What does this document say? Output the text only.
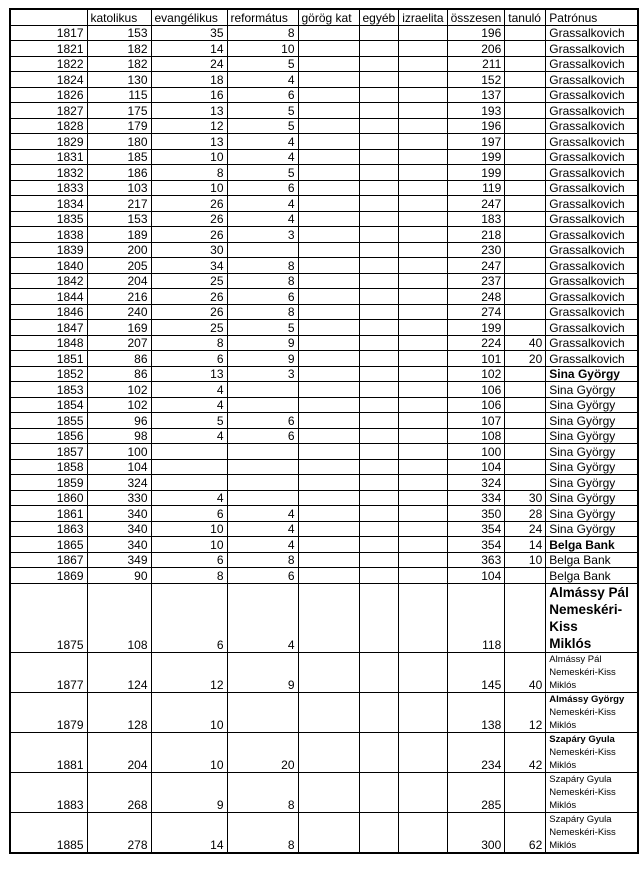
	katolikus	evangélikus	református	görög kat	egyéb	izraelita	összesen	tanuló	Patrónus
1817	153	35	8				196		Grassalkovich

1821	182	14	10				206		Grassalkovich

1822	182	24	5				211		Grassalkovich

1824	130	18	4				152		Grassalkovich

1826	115	16	6				137		Grassalkovich

1827	175	13	5				193		Grassalkovich

1828	179	12	5				196		Grassalkovich

1829	180	13	4				197		Grassalkovich

1831	185	10	4				199		Grassalkovich

1832	186	8	5				199		Grassalkovich

1833	103	10	6				119		Grassalkovich

1834	217	26	4				247		Grassalkovich

1835	153	26	4				183		Grassalkovich

1838	189	26	3				218		Grassalkovich

1839	200	30					230		Grassalkovich

1840	205	34	8				247		Grassalkovich

1842	204	25	8				237		Grassalkovich

1844	216	26	6				248		Grassalkovich

1846	240	26	8				274		Grassalkovich

1847	169	25	5				199		Grassalkovich

1848	207	8	9				224	40	Grassalkovich

1851	86	6	9				101	20	Grassalkovich

1852	86	13	3				102		Sina György

1853	102	4					106		Sina György

1854	102	4					106		Sina György

1855	96	5	6				107		Sina György

1856	98	4	6				108		Sina György

1857	100						100		Sina György

1858	104						104		Sina György

1859	324						324		Sina György

1860	330	4					334	30	Sina György

1861	340	6	4				350	28	Sina György

1863	340	10	4				354	24	Sina György

1865	340	10	4				354	14	Belga Bank

1867	349	6	8				363	10	Belga Bank

1869	90	8	6				104		Belga Bank

1875	108	6	4				118		Almássy Pál
Nemeskéri-
Kiss
Miklós

1877	124	12	9				145	40	Almássy Pál
Nemeskéri-Kiss
Miklós

1879	128	10					138	12	Almássy György
Nemeskéri-Kiss
Miklós

1881	204	10	20				234	42	Szapáry Gyula
Nemeskéri-Kiss
Miklós

1883	268	9	8				285		Szapáry Gyula
Nemeskéri-Kiss
Miklós

1885	278	14	8				300	62	Szapáry Gyula
Nemeskéri-Kiss
Miklós
